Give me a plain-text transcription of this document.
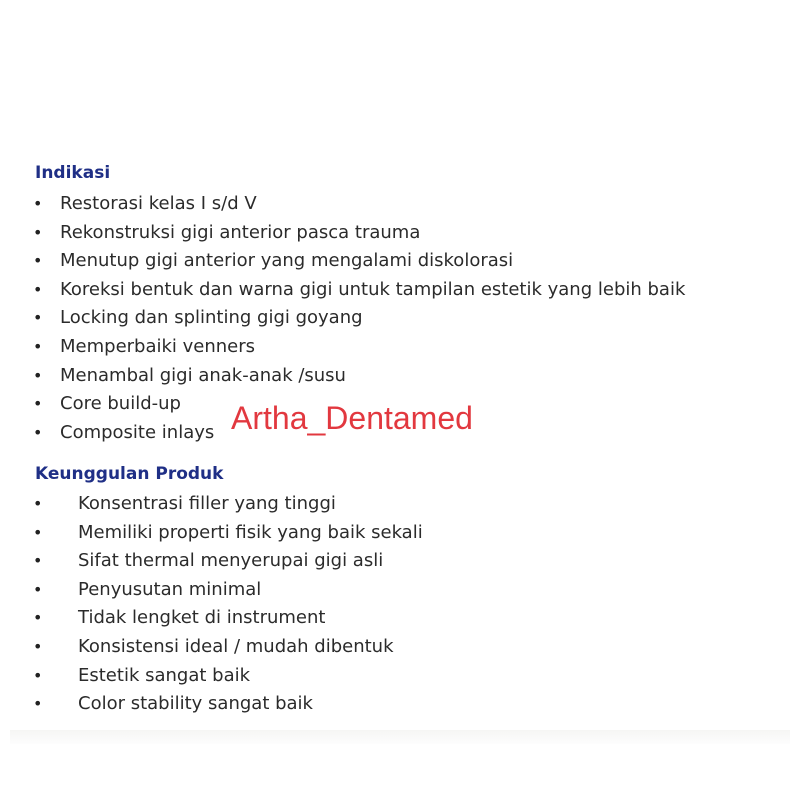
Indikasi
• Restorasi kelas I s/d V
• Rekonstruksi gigi anterior pasca trauma
• Menutup gigi anterior yang mengalami diskolorasi
• Koreksi bentuk dan warna gigi untuk tampilan estetik yang lebih baik
• Locking dan splinting gigi goyang
• Memperbaiki venners
• Menambal gigi anak-anak /susu
• Core build-up
• Composite inlays Artha_Dentamed
Keunggulan Produk
• Konsentrasi filler yang tinggi
• Memiliki properti fisik yang baik sekali
• Sifat thermal menyerupai gigi asli
• Penyusutan minimal
• Tidak lengket di instrument
• Konsistensi ideal / mudah dibentuk
• Estetik sangat baik
• Color stability sangat baik
